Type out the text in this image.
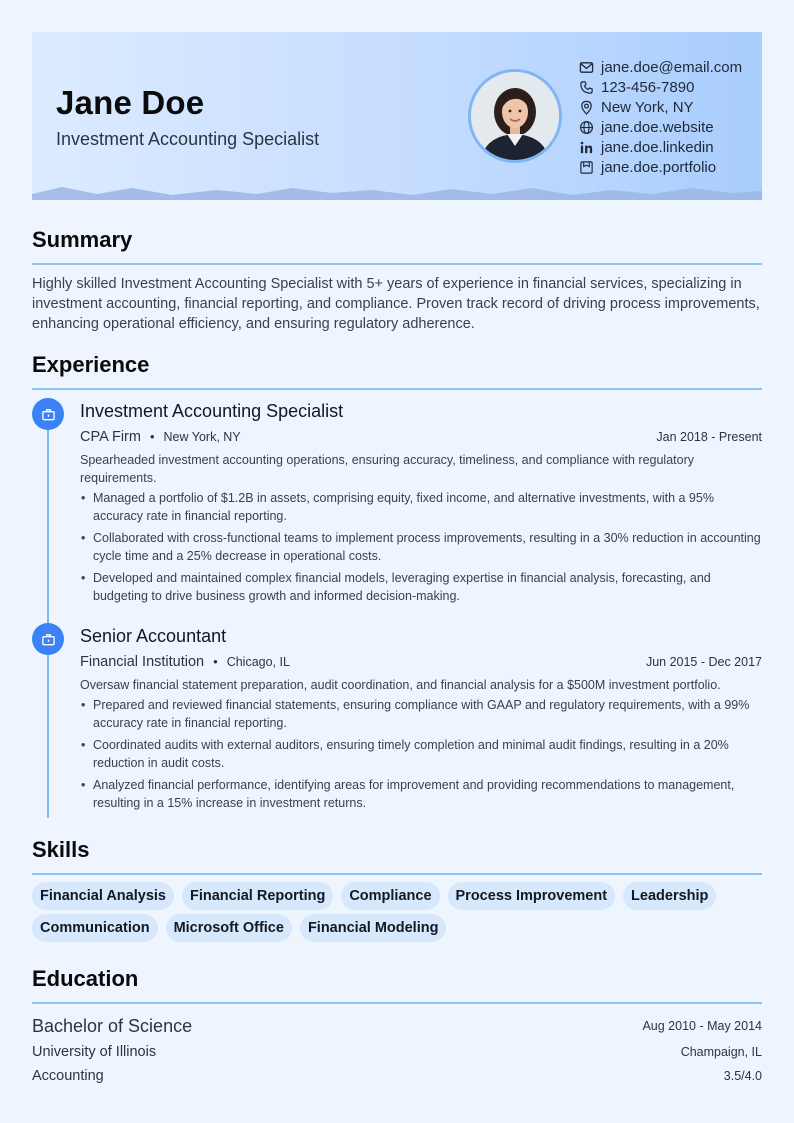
Jane Doe
Investment Accounting Specialist
jane.doe@email.com
123-456-7890
New York, NY
jane.doe.website
jane.doe.linkedin
jane.doe.portfolio
Summary
Highly skilled Investment Accounting Specialist with 5+ years of experience in financial services, specializing in investment accounting, financial reporting, and compliance. Proven track record of driving process improvements, enhancing operational efficiency, and ensuring regulatory adherence.
Experience
Investment Accounting Specialist
CPA Firm • New York, NY	Jan 2018 - Present
Spearheaded investment accounting operations, ensuring accuracy, timeliness, and compliance with regulatory requirements.
• Managed a portfolio of $1.2B in assets, comprising equity, fixed income, and alternative investments, with a 95% accuracy rate in financial reporting.
• Collaborated with cross-functional teams to implement process improvements, resulting in a 30% reduction in accounting cycle time and a 25% decrease in operational costs.
• Developed and maintained complex financial models, leveraging expertise in financial analysis, forecasting, and budgeting to drive business growth and informed decision-making.
Senior Accountant
Financial Institution • Chicago, IL	Jun 2015 - Dec 2017
Oversaw financial statement preparation, audit coordination, and financial analysis for a $500M investment portfolio.
• Prepared and reviewed financial statements, ensuring compliance with GAAP and regulatory requirements, with a 99% accuracy rate in financial reporting.
• Coordinated audits with external auditors, ensuring timely completion and minimal audit findings, resulting in a 20% reduction in audit costs.
• Analyzed financial performance, identifying areas for improvement and providing recommendations to management, resulting in a 15% increase in investment returns.
Skills
Financial Analysis	Financial Reporting	Compliance	Process Improvement	Leadership
Communication	Microsoft Office	Financial Modeling
Education
Bachelor of Science	Aug 2010 - May 2014
University of Illinois	Champaign, IL
Accounting	3.5/4.0
